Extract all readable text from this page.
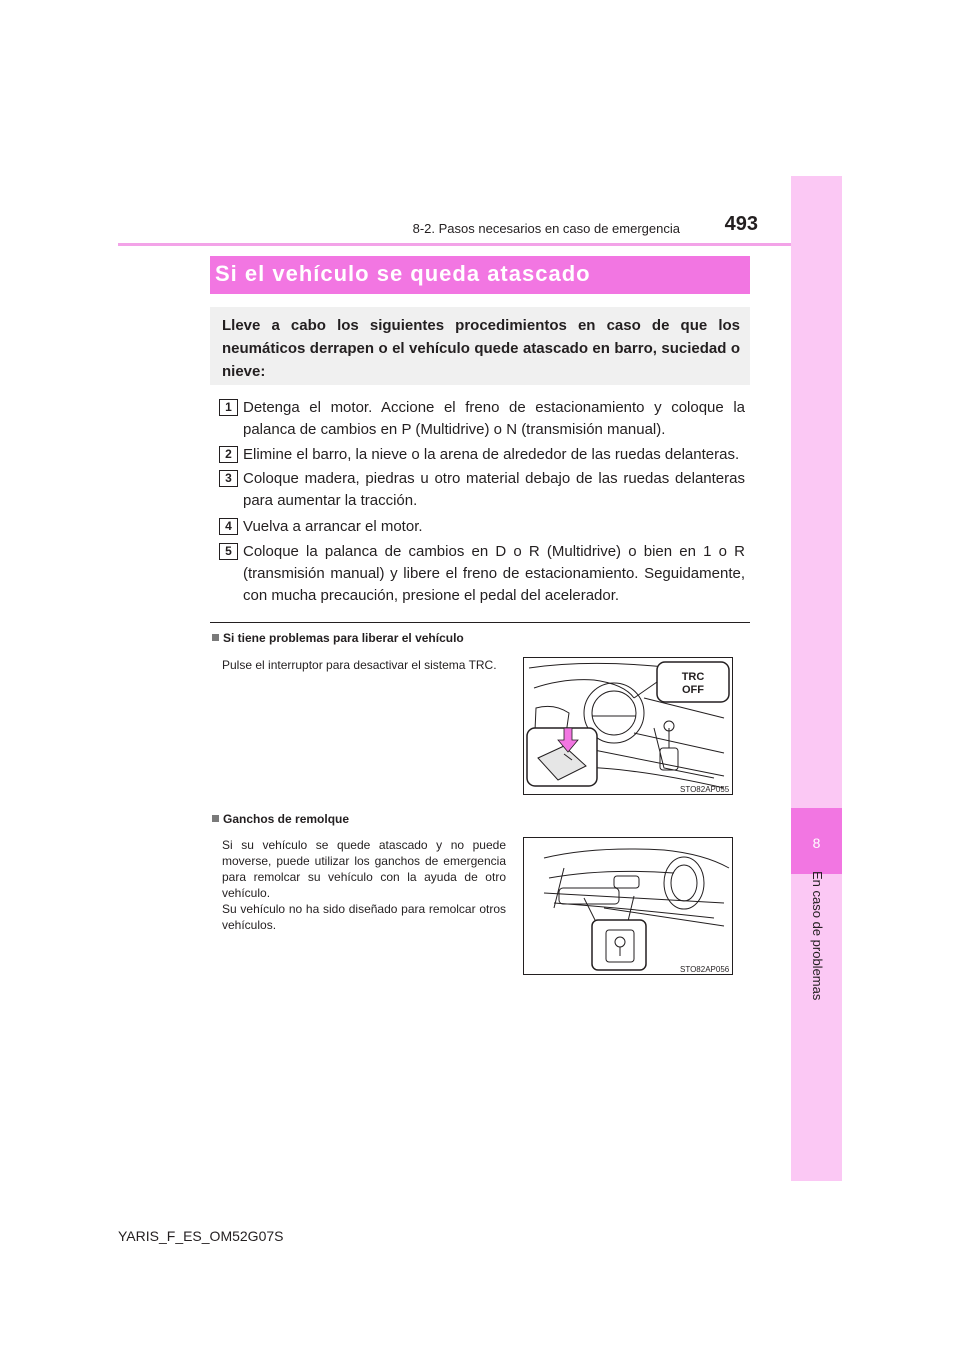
8-2. Pasos necesarios en caso de emergencia	493
8
En caso de problemas
Si el vehículo se queda atascado
Lleve a cabo los siguientes procedimientos en caso de que los neumáticos derrapen o el vehículo quede atascado en barro, suciedad o nieve:
1 Detenga el motor. Accione el freno de estacionamiento y coloque la palanca de cambios en P (Multidrive) o N (transmisión manual).
2 Elimine el barro, la nieve o la arena de alrededor de las ruedas delanteras.
3 Coloque madera, piedras u otro material debajo de las ruedas delanteras para aumentar la tracción.
4 Vuelva a arrancar el motor.
5 Coloque la palanca de cambios en D o R (Multidrive) o bien en 1 o R (transmisión manual) y libere el freno de estacionamiento. Seguidamente, con mucha precaución, presione el pedal del acelerador.
Si tiene problemas para liberar el vehículo
Pulse el interruptor para desactivar el sistema TRC.
TRC
OFF
STO82AP055
Ganchos de remolque
Si su vehículo se quede atascado y no puede moverse, puede utilizar los ganchos de emergencia para remolcar su vehículo con la ayuda de otro vehículo.
Su vehículo no ha sido diseñado para remolcar otros vehículos.
STO82AP056
YARIS_F_ES_OM52G07S
